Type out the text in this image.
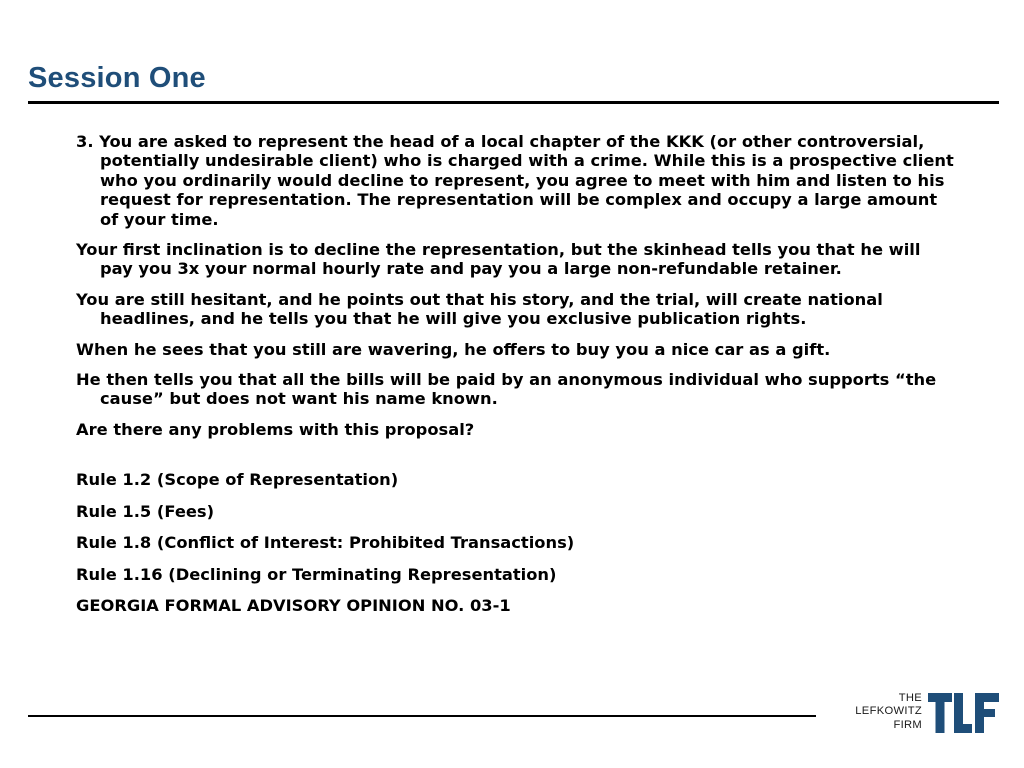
Session One

3. You are asked to represent the head of a local chapter of the KKK (or other controversial, potentially undesirable client) who is charged with a crime. While this is a prospective client who you ordinarily would decline to represent, you agree to meet with him and listen to his request for representation. The representation will be complex and occupy a large amount of your time.

Your first inclination is to decline the representation, but the skinhead tells you that he will pay you 3x your normal hourly rate and pay you a large non-refundable retainer.

You are still hesitant, and he points out that his story, and the trial, will create national headlines, and he tells you that he will give you exclusive publication rights.

When he sees that you still are wavering, he offers to buy you a nice car as a gift.

He then tells you that all the bills will be paid by an anonymous individual who supports “the cause” but does not want his name known.

Are there any problems with this proposal?

Rule 1.2 (Scope of Representation)

Rule 1.5 (Fees)

Rule 1.8 (Conflict of Interest: Prohibited Transactions)

Rule 1.16 (Declining or Terminating Representation)

GEORGIA FORMAL ADVISORY OPINION NO. 03-1

THE
LEFKOWITZ
FIRM
